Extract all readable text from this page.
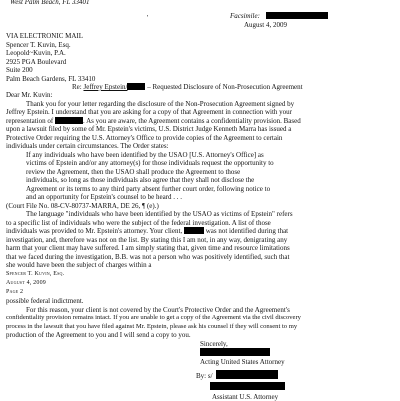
West Palm Beach, FL 33401
'	Facsimile:
August 4, 2009
VIA ELECTRONIC MAIL
Spencer T. Kuvin, Esq.
Leopold~Kuvin, P.A.
2925 PGA Boulevard
Suite 200
Palm Beach Gardens, FL 33410
Re: Jeffrey Epstein/	– Requested Disclosure of Non-Prosecution Agreement
Dear Mr. Kuvin:
Thank you for your letter regarding the disclosure of the Non-Prosecution Agreement signed by
Jeffrey Epstein. I understand that you are asking for a copy of that Agreement in connection with your
representation of	. As you are aware, the Agreement contains a confidentiality provision. Based
upon a lawsuit filed by some of Mr. Epstein's victims, U.S. District Judge Kenneth Marra has issued a
Protective Order requiring the U.S. Attorney's Office to provide copies of the Agreement to certain
individuals under certain circumstances. The Order states:
If any individuals who have been identified by the USAO [U.S. Attorney's Office] as
victims of Epstein and/or any attorney(s) for those individuals request the opportunity to
review the Agreement, then the USAO shall produce the Agreement to those
individuals, so long as those individuals also agree that they shall not disclose the
Agreement or its terms to any third party absent further court order, following notice to
and an opportunity for Epstein's counsel to be heard . . .
(Court File No. 08-CV-80737-MARRA, DE 26, ¶ (e).)
The language "individuals who have been identified by the USAO as victims of Epstein" refers
to a specific list of individuals who were the subject of the federal investigation. A list of those
individuals was provided to Mr. Epstein's attorney. Your client,	was not identified during that
investigation, and, therefore was not on the list. By stating this I am not, in any way, denigrating any
harm that your client may have suffered. I am simply stating that, given time and resource limitations
that we faced during the investigation, B.B. was not a person who was positively identified, such that
she would have been the subject of charges within a
Spencer T. Kuvin, Esq.
August 4, 2009
Page 2
possible federal indictment.
For this reason, your client is not covered by the Court's Protective Order and the Agreement's
confidentiality provision remains intact. If you are unable to get a copy of the Agreement via the civil discovery
process in the lawsuit that you have filed against Mr. Epstein, please ask his counsel if they will consent to my
production of the Agreement to you and I will send a copy to you.
Sincerely,
Acting United States Attorney
By: s/
Assistant U.S. Attorney
